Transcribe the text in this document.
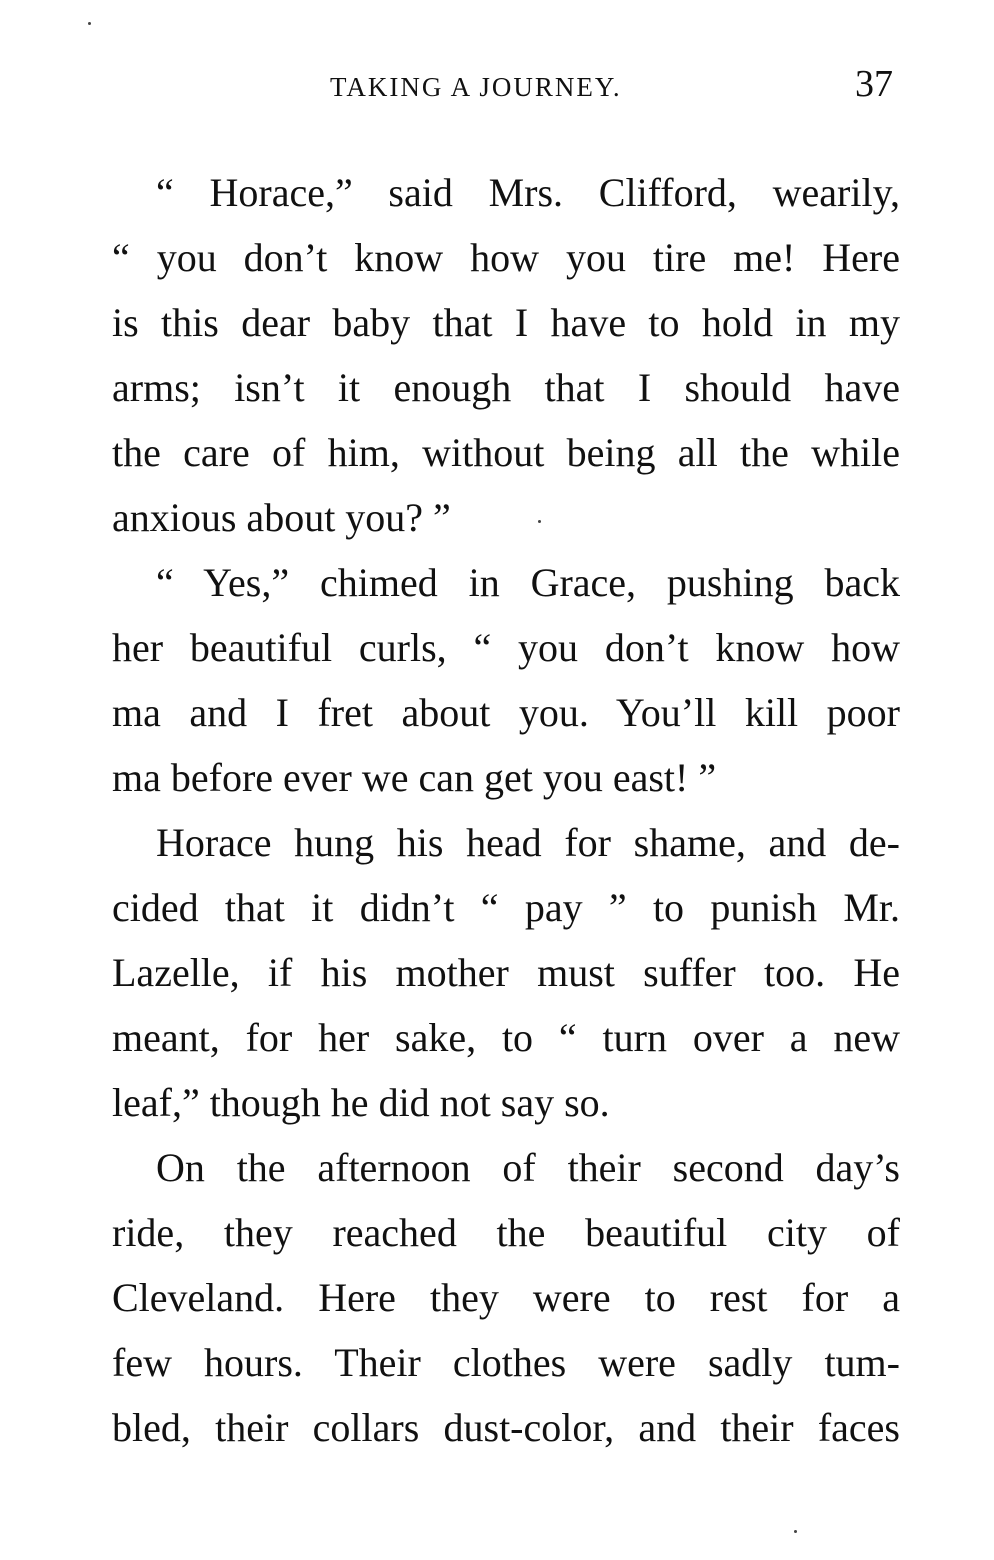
TAKING A JOURNEY.	37
“ Horace,” said Mrs. Clifford, wearily,
“ you don’t know how you tire me! Here
is this dear baby that I have to hold in my
arms; isn’t it enough that I should have
the care of him, without being all the while
anxious about you? ”
“ Yes,” chimed in Grace, pushing back
her beautiful curls, “ you don’t know how
ma and I fret about you. You’ll kill poor
ma before ever we can get you east! ”
Horace hung his head for shame, and de-
cided that it didn’t “ pay ” to punish Mr.
Lazelle, if his mother must suffer too. He
meant, for her sake, to “ turn over a new
leaf,” though he did not say so.
On the afternoon of their second day’s
ride, they reached the beautiful city of
Cleveland. Here they were to rest for a
few hours. Their clothes were sadly tum-
bled, their collars dust-color, and their faces
